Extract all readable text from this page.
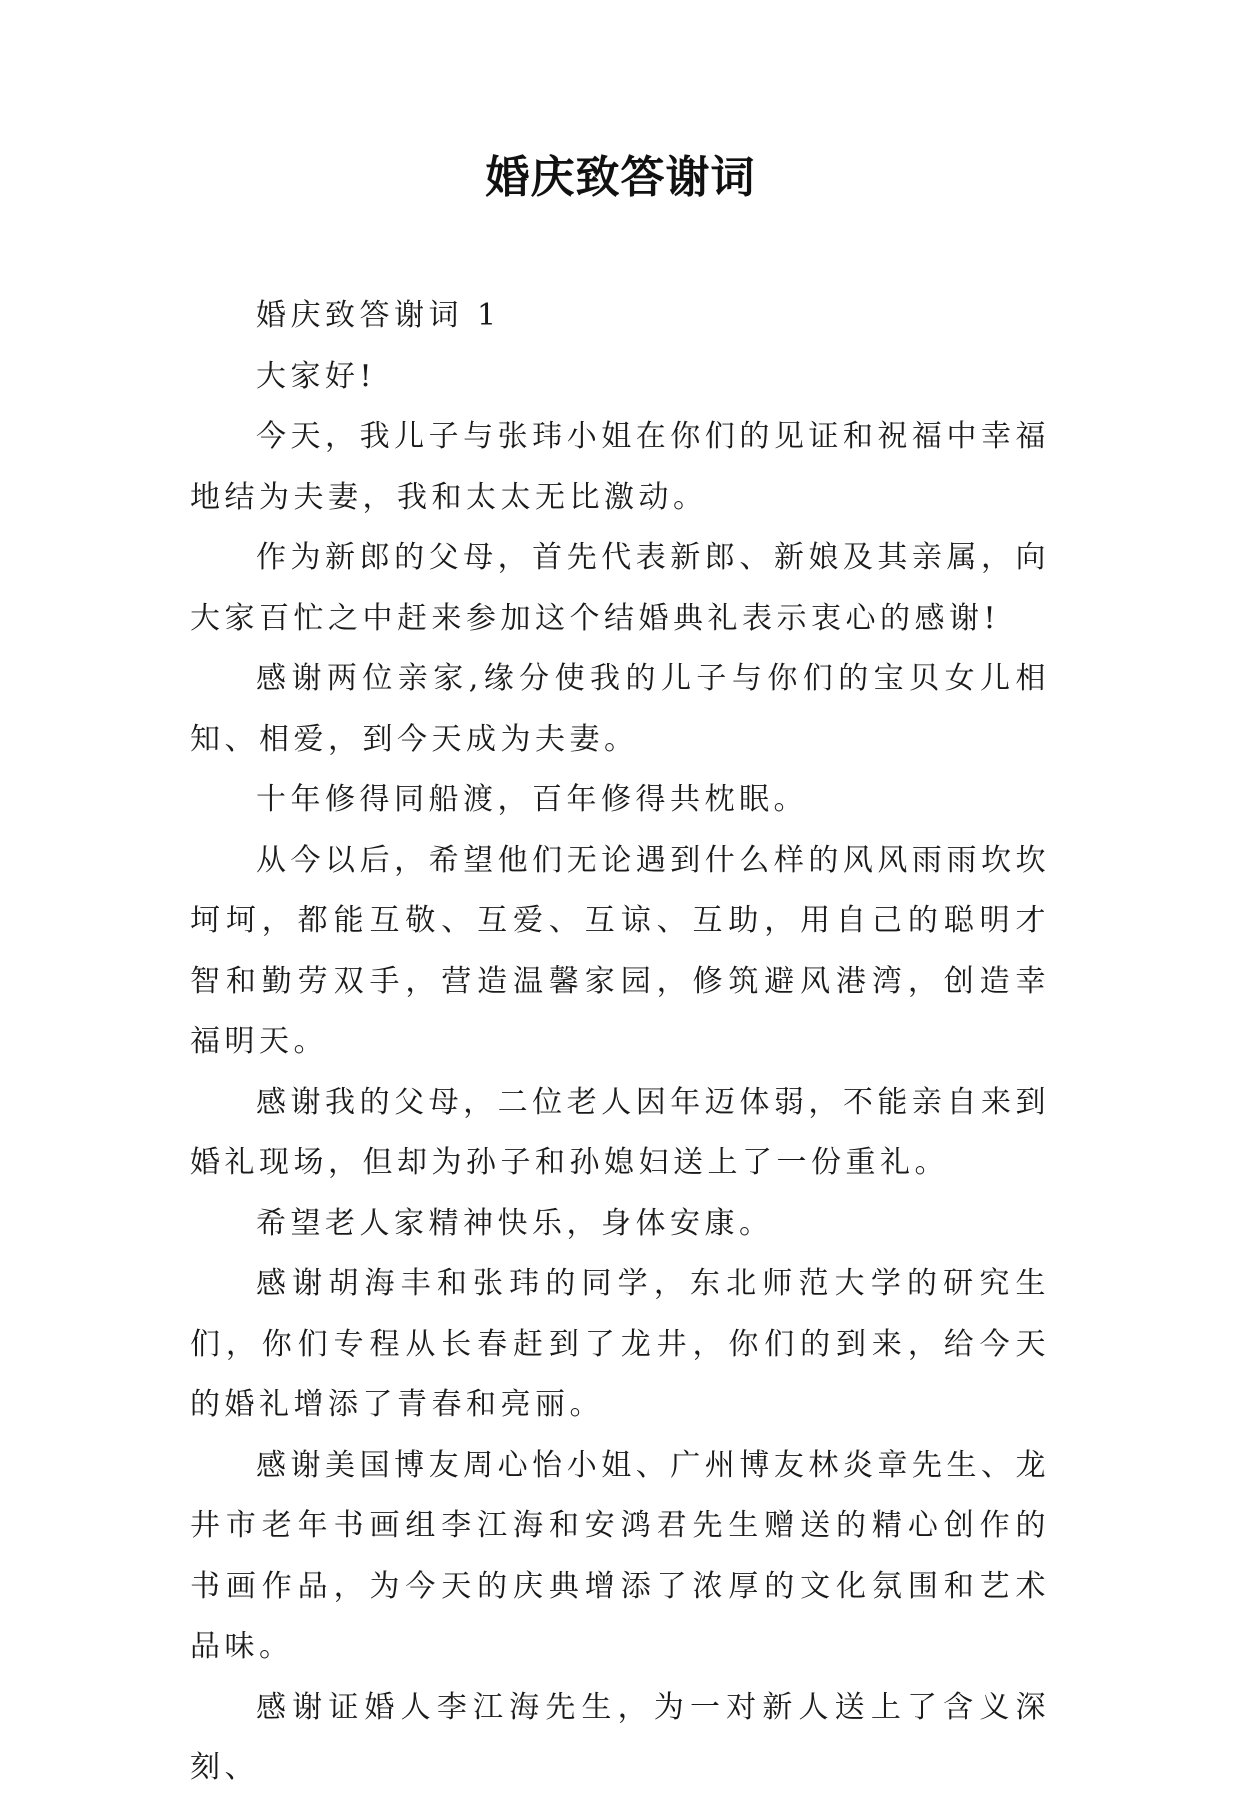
婚庆致答谢词

婚庆致答谢词 1

大家好!

今天，我儿子与张玮小姐在你们的见证和祝福中幸福地结为夫妻，我和太太无比激动。

作为新郎的父母，首先代表新郎、新娘及其亲属，向大家百忙之中赶来参加这个结婚典礼表示衷心的感谢!

感谢两位亲家,缘分使我的儿子与你们的宝贝女儿相知、相爱，到今天成为夫妻。

十年修得同船渡，百年修得共枕眠。

从今以后，希望他们无论遇到什么样的风风雨雨坎坎坷坷，都能互敬、互爱、互谅、互助，用自己的聪明才智和勤劳双手，营造温馨家园，修筑避风港湾，创造幸福明天。

感谢我的父母，二位老人因年迈体弱，不能亲自来到婚礼现场，但却为孙子和孙媳妇送上了一份重礼。

希望老人家精神快乐，身体安康。

感谢胡海丰和张玮的同学，东北师范大学的研究生们，你们专程从长春赶到了龙井，你们的到来，给今天的婚礼增添了青春和亮丽。

感谢美国博友周心怡小姐、广州博友林炎章先生、龙井市老年书画组李江海和安鸿君先生赠送的精心创作的书画作品，为今天的庆典增添了浓厚的文化氛围和艺术品味。

感谢证婚人李江海先生，为一对新人送上了含义深刻、
